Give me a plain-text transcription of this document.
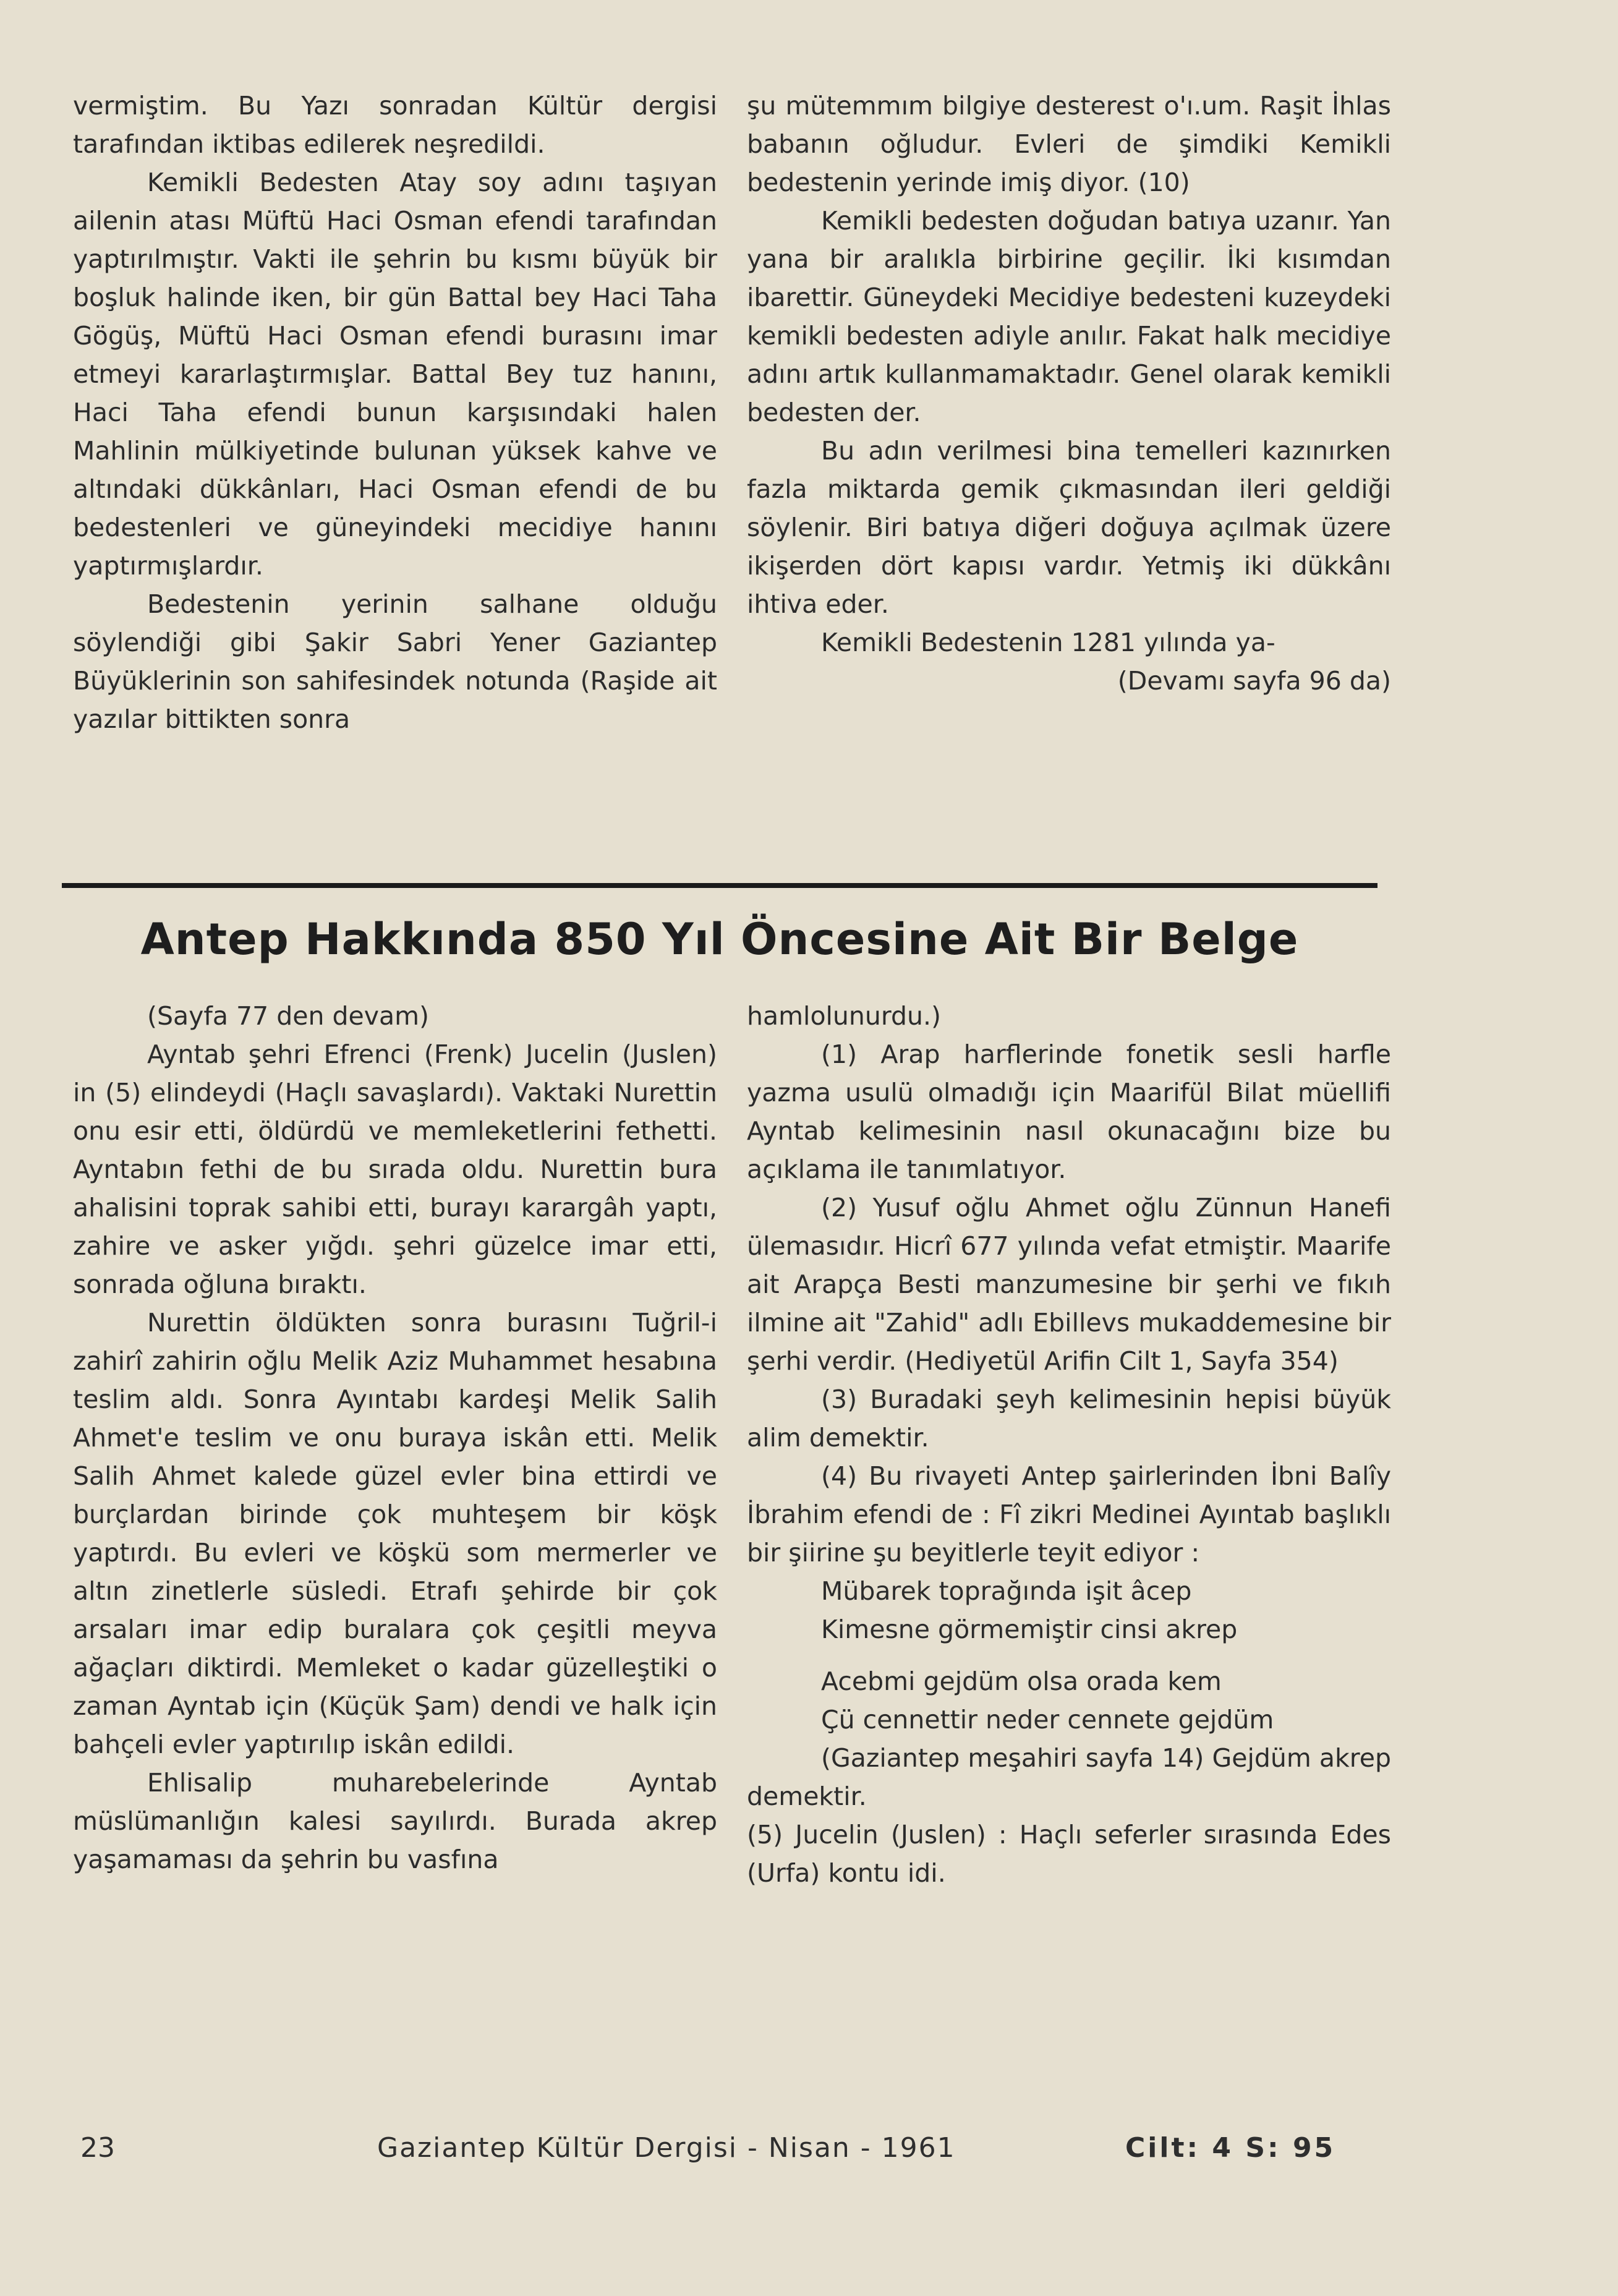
vermiştim. Bu Yazı sonradan Kültür dergisi tarafından iktibas edilerek neşredildi.

Kemikli Bedesten Atay soy adını taşıyan ailenin atası Müftü Haci Osman efendi tarafından yaptırılmıştır. Vakti ile şehrin bu kısmı büyük bir boşluk halinde iken, bir gün Battal bey Haci Taha Gögüş, Müftü Haci Osman efendi burasını imar etmeyi kararlaştırmışlar. Battal Bey tuz hanını, Haci Taha efendi bunun karşısındaki halen Mahlinin mülkiyetinde bulunan yüksek kahve ve altındaki dükkânları, Haci Osman efendi de bu bedestenleri ve güneyindeki mecidiye hanını yaptırmışlardır.

Bedestenin yerinin salhane olduğu söylendiği gibi Şakir Sabri Yener Gaziantep Büyüklerinin son sahifesindek notunda (Raşide ait yazılar bittikten sonra

şu mütemmım bilgiye desterest o'ı.um. Raşit İhlas babanın oğludur. Evleri de şimdiki Kemikli bedestenin yerinde imiş diyor. (10)

Kemikli bedesten doğudan batıya uzanır. Yan yana bir aralıkla birbirine geçilir. İki kısımdan ibarettir. Güneydeki Mecidiye bedesteni kuzeydeki kemikli bedesten adiyle anılır. Fakat halk mecidiye adını artık kullanmamaktadır. Genel olarak kemikli bedesten der.

Bu adın verilmesi bina temelleri kazınırken fazla miktarda gemik çıkmasından ileri geldiği söylenir. Biri batıya diğeri doğuya açılmak üzere ikişerden dört kapısı vardır. Yetmiş iki dükkânı ihtiva eder.

Kemikli Bedestenin 1281 yılında ya-

(Devamı sayfa 96 da)

Antep Hakkında 850 Yıl Öncesine Ait Bir Belge

(Sayfa 77 den devam)

Ayntab şehri Efrenci (Frenk) Jucelin (Juslen) in (5) elindeydi (Haçlı savaşlardı). Vaktaki Nurettin onu esir etti, öldürdü ve memleketlerini fethetti. Ayntabın fethi de bu sırada oldu. Nurettin bura ahalisini toprak sahibi etti, burayı karargâh yaptı, zahire ve asker yığdı. şehri güzelce imar etti, sonrada oğluna bıraktı.

Nurettin öldükten sonra burasını Tuğril-i zahirî zahirin oğlu Melik Aziz Muhammet hesabına teslim aldı. Sonra Ayıntabı kardeşi Melik Salih Ahmet'e teslim ve onu buraya iskân etti. Melik Salih Ahmet kalede güzel evler bina ettirdi ve burçlardan birinde çok muhteşem bir köşk yaptırdı. Bu evleri ve köşkü som mermerler ve altın zinetlerle süsledi. Etrafı şehirde bir çok arsaları imar edip buralara çok çeşitli meyva ağaçları diktirdi. Memleket o kadar güzelleştiki o zaman Ayntab için (Küçük Şam) dendi ve halk için bahçeli evler yaptırılıp iskân edildi.

Ehlisalip muharebelerinde Ayntab müslümanlığın kalesi sayılırdı. Burada akrep yaşamaması da şehrin bu vasfına

hamlolunurdu.)

(1) Arap harflerinde fonetik sesli harfle yazma usulü olmadığı için Maarifül Bilat müellifi Ayntab kelimesinin nasıl okunacağını bize bu açıklama ile tanımlatıyor.

(2) Yusuf oğlu Ahmet oğlu Zünnun Hanefi ülemasıdır. Hicrî 677 yılında vefat etmiştir. Maarife ait Arapça Besti manzumesine bir şerhi ve fıkıh ilmine ait "Zahid" adlı Ebillevs mukaddemesine bir şerhi verdir. (Hediyetül Arifin Cilt 1, Sayfa 354)

(3) Buradaki şeyh kelimesinin hepisi büyük alim demektir.

(4) Bu rivayeti Antep şairlerinden İbni Balîy İbrahim efendi de : Fî zikri Medinei Ayıntab başlıklı bir şiirine şu beyitlerle teyit ediyor :

Mübarek toprağında işit âcep

Kimesne görmemiştir cinsi akrep

Acebmi gejdüm olsa orada kem

Çü cennettir neder cennete gejdüm

(Gaziantep meşahiri sayfa 14) Gejdüm akrep demektir.

(5) Jucelin (Juslen) : Haçlı seferler sırasında Edes (Urfa) kontu idi.

23	Gaziantep Kültür Dergisi - Nisan - 1961	Cilt: 4 S: 95
